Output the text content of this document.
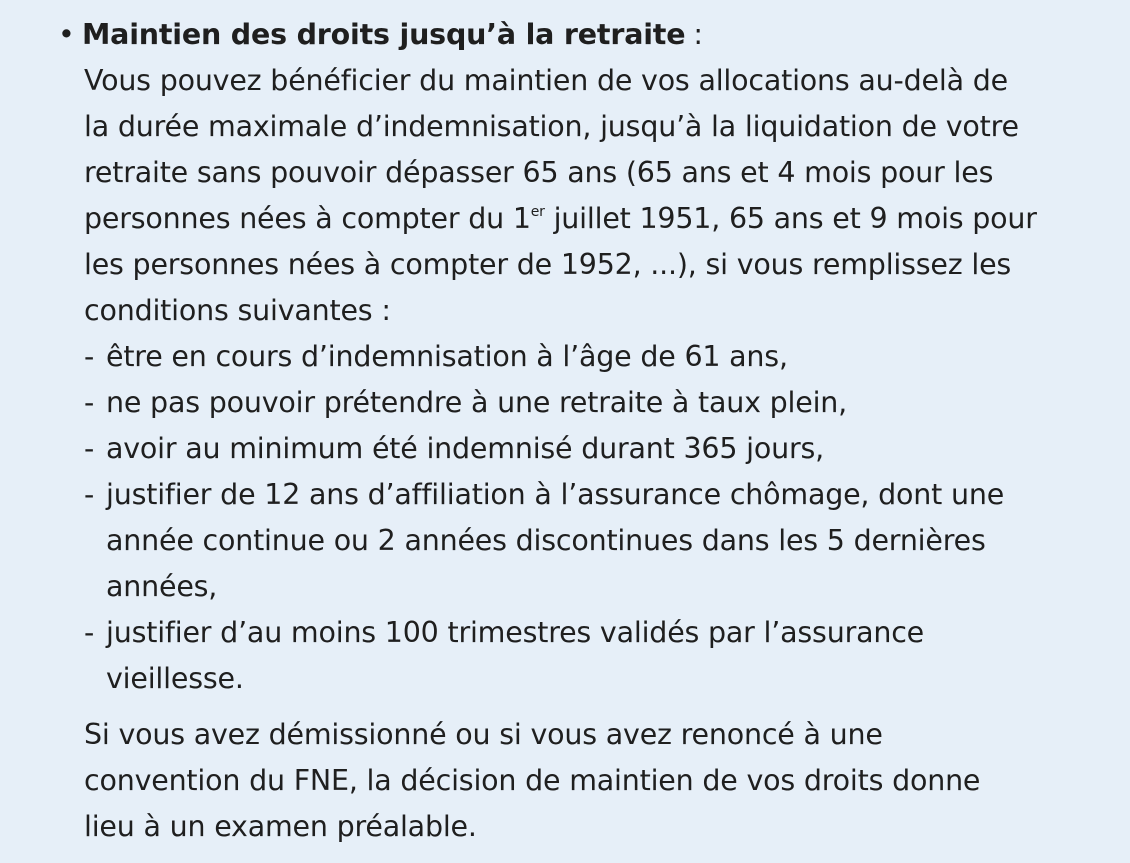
• Maintien des droits jusqu’à la retraite :
Vous pouvez bénéficier du maintien de vos allocations au-delà de
la durée maximale d’indemnisation, jusqu’à la liquidation de votre
retraite sans pouvoir dépasser 65 ans (65 ans et 4 mois pour les
personnes nées à compter du 1er juillet 1951, 65 ans et 9 mois pour
les personnes nées à compter de 1952, ...), si vous remplissez les
conditions suivantes :
- être en cours d’indemnisation à l’âge de 61 ans,
- ne pas pouvoir prétendre à une retraite à taux plein,
- avoir au minimum été indemnisé durant 365 jours,
- justifier de 12 ans d’affiliation à l’assurance chômage, dont une
année continue ou 2 années discontinues dans les 5 dernières
années,
- justifier d’au moins 100 trimestres validés par l’assurance
vieillesse.
Si vous avez démissionné ou si vous avez renoncé à une
convention du FNE, la décision de maintien de vos droits donne
lieu à un examen préalable.
